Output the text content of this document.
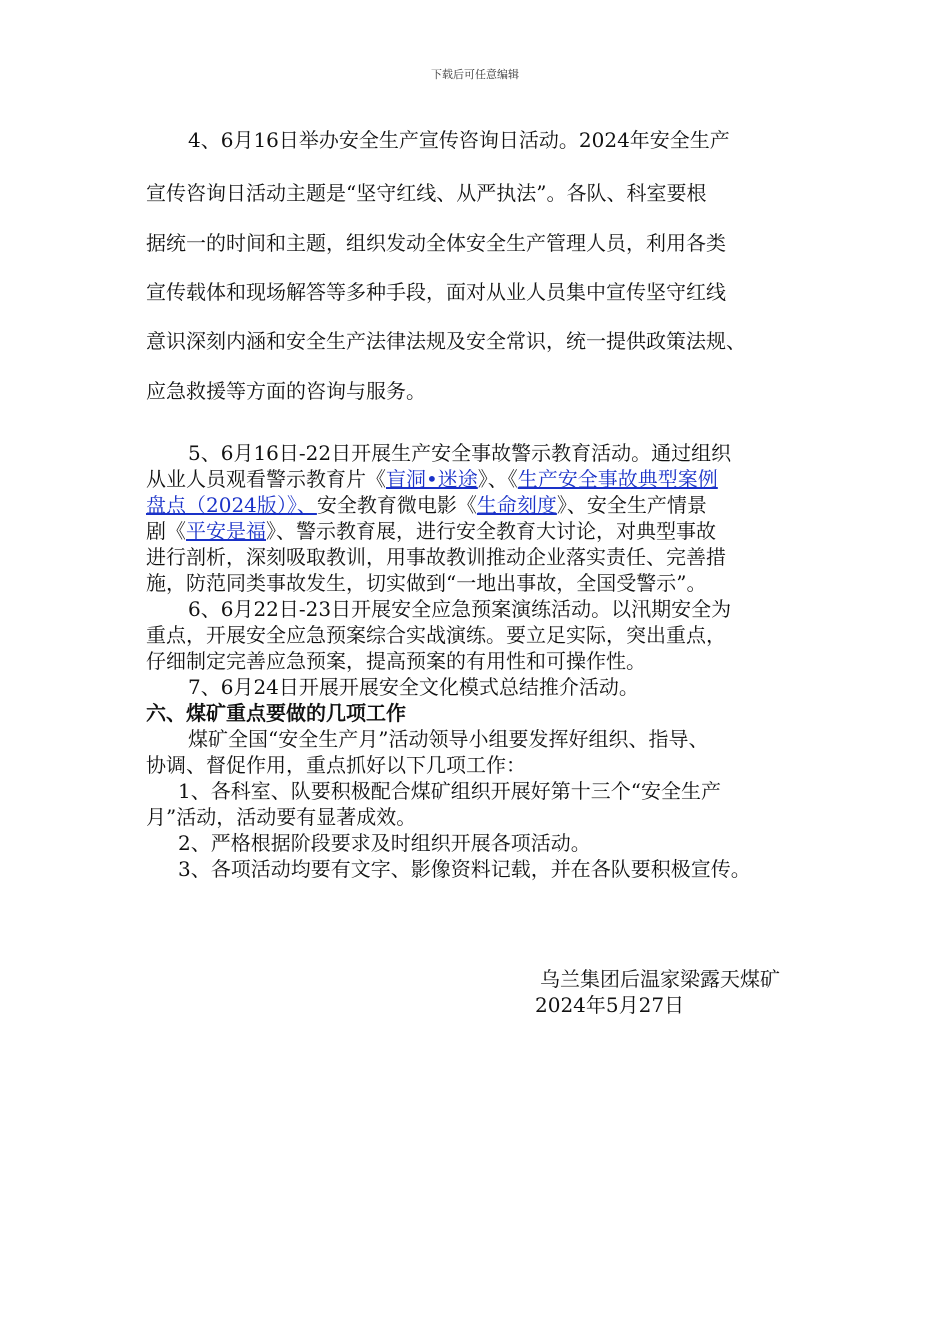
下载后可任意编辑
4、6月16日举办安全生产宣传咨询日活动。2024年安全生产
宣传咨询日活动主题是“坚守红线、从严执法”。各队、科室要根
据统一的时间和主题，组织发动全体安全生产管理人员，利用各类
宣传载体和现场解答等多种手段，面对从业人员集中宣传坚守红线
意识深刻内涵和安全生产法律法规及安全常识，统一提供政策法规、
应急救援等方面的咨询与服务。
5、6月16日-22日开展生产安全事故警示教育活动。通过组织
从业人员观看警示教育片《盲洞•迷途》、《生产安全事故典型案例
盘点（2024版）》、安全教育微电影《生命刻度》、安全生产情景
剧《平安是福》、警示教育展，进行安全教育大讨论，对典型事故
进行剖析，深刻吸取教训，用事故教训推动企业落实责任、完善措
施，防范同类事故发生，切实做到“一地出事故，全国受警示”。
6、6月22日-23日开展安全应急预案演练活动。以汛期安全为
重点，开展安全应急预案综合实战演练。要立足实际，突出重点，
仔细制定完善应急预案，提高预案的有用性和可操作性。
7、6月24日开展开展安全文化模式总结推介活动。
六、煤矿重点要做的几项工作
煤矿全国“安全生产月”活动领导小组要发挥好组织、指导、
协调、督促作用，重点抓好以下几项工作：
1、各科室、队要积极配合煤矿组织开展好第十三个“安全生产
月”活动，活动要有显著成效。
2、严格根据阶段要求及时组织开展各项活动。
3、各项活动均要有文字、影像资料记载，并在各队要积极宣传。
乌兰集团后温家梁露天煤矿
2024年5月27日
